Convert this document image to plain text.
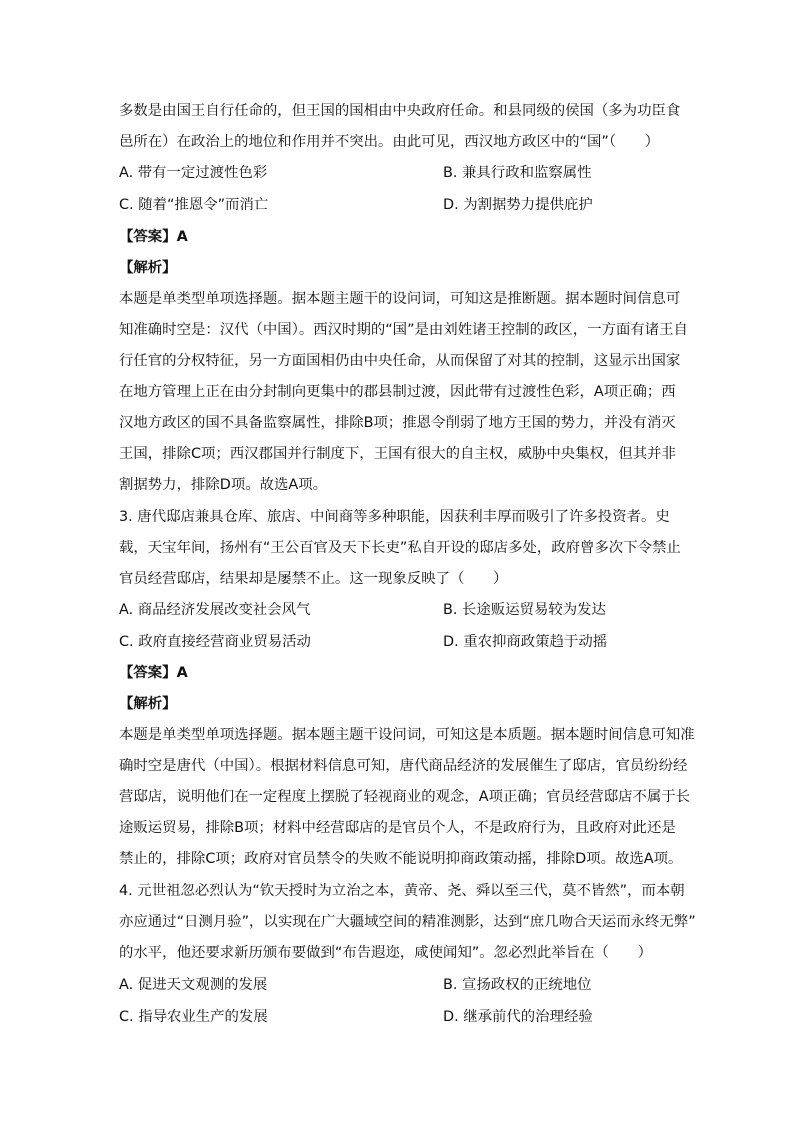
多数是由国王自行任命的，但王国的国相由中央政府任命。和县同级的侯国（多为功臣食
邑所在）在政治上的地位和作用并不突出。由此可见，西汉地方政区中的“国”（　　）
A. 带有一定过渡性色彩	B. 兼具行政和监察属性
C. 随着“推恩令”而消亡	D. 为割据势力提供庇护
【答案】A
【解析】
本题是单类型单项选择题。据本题主题干的设问词，可知这是推断题。据本题时间信息可
知准确时空是：汉代（中国）。西汉时期的“国”是由刘姓诸王控制的政区，一方面有诸王自
行任官的分权特征，另一方面国相仍由中央任命，从而保留了对其的控制，这显示出国家
在地方管理上正在由分封制向更集中的郡县制过渡，因此带有过渡性色彩，A项正确；西
汉地方政区的国不具备监察属性，排除B项；推恩令削弱了地方王国的势力，并没有消灭
王国，排除C项；西汉郡国并行制度下，王国有很大的自主权，威胁中央集权，但其并非
割据势力，排除D项。故选A项。
3. 唐代邸店兼具仓库、旅店、中间商等多种职能，因获利丰厚而吸引了许多投资者。史
载，天宝年间，扬州有“王公百官及天下长吏”私自开设的邸店多处，政府曾多次下令禁止
官员经营邸店，结果却是屡禁不止。这一现象反映了（　　）
A. 商品经济发展改变社会风气	B. 长途贩运贸易较为发达
C. 政府直接经营商业贸易活动	D. 重农抑商政策趋于动摇
【答案】A
【解析】
本题是单类型单项选择题。据本题主题干设问词，可知这是本质题。据本题时间信息可知准
确时空是唐代（中国）。根据材料信息可知，唐代商品经济的发展催生了邸店，官员纷纷经
营邸店，说明他们在一定程度上摆脱了轻视商业的观念，A项正确；官员经营邸店不属于长
途贩运贸易，排除B项；材料中经营邸店的是官员个人，不是政府行为，且政府对此还是
禁止的，排除C项；政府对官员禁令的失败不能说明抑商政策动摇，排除D项。故选A项。
4. 元世祖忽必烈认为“钦天授时为立治之本，黄帝、尧、舜以至三代，莫不皆然”，而本朝
亦应通过“日测月验”，以实现在广大疆域空间的精准测影，达到“庶几吻合天运而永终无弊”
的水平，他还要求新历颁布要做到“布告遐迩，咸使闻知”。忽必烈此举旨在（　　）
A. 促进天文观测的发展	B. 宣扬政权的正统地位
C. 指导农业生产的发展	D. 继承前代的治理经验
